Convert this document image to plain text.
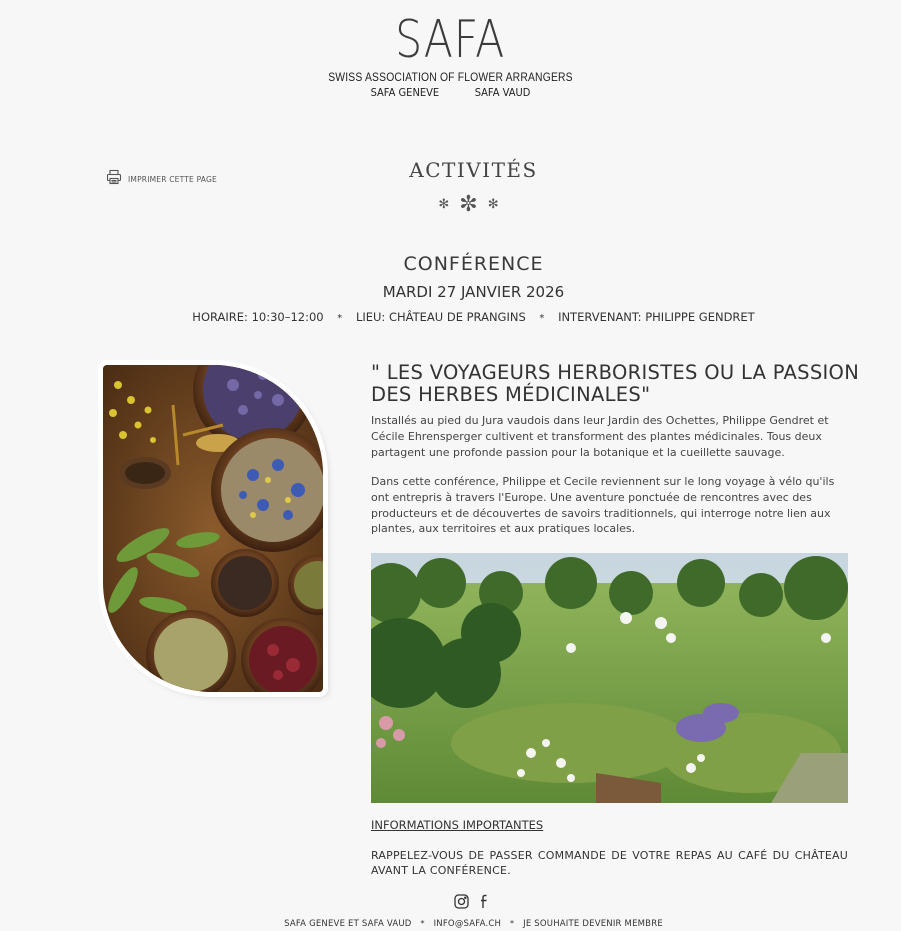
SAFA
SWISS ASSOCIATION OF FLOWER ARRANGERS
SAFA GENEVE	SAFA VAUD
IMPRIMER CETTE PAGE	ACTIVITÉS
✻✼✻
CONFÉRENCE
MARDI 27 JANVIER 2026
HORAIRE: 10:30–12:00 * LIEU: CHÂTEAU DE PRANGINS * INTERVENANT: PHILIPPE GENDRET
" LES VOYAGEURS HERBORISTES OU LA PASSION DES HERBES MÉDICINALES"
Installés au pied du Jura vaudois dans leur Jardin des Ochettes, Philippe Gendret et Cécile Ehrensperger cultivent et transforment des plantes médicinales. Tous deux partagent une profonde passion pour la botanique et la cueillette sauvage.
Dans cette conférence, Philippe et Cecile reviennent sur le long voyage à vélo qu'ils ont entrepris à travers l'Europe. Une aventure ponctuée de rencontres avec des producteurs et de découvertes de savoirs traditionnels, qui interroge notre lien aux plantes, aux territoires et aux pratiques locales.
INFORMATIONS IMPORTANTES
RAPPELEZ-VOUS DE PASSER COMMANDE DE VOTRE REPAS AU CAFÉ DU CHÂTEAU AVANT LA CONFÉRENCE.
SAFA GENEVE ET SAFA VAUD * INFO@SAFA.CH * JE SOUHAITE DEVENIR MEMBRE
